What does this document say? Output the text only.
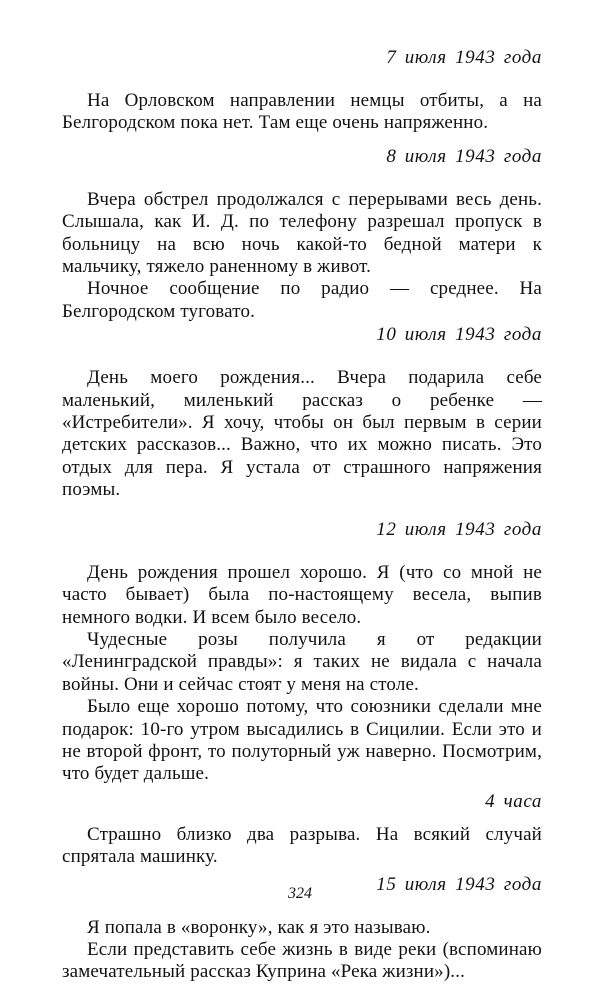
7 июля 1943 года

На Орловском направлении немцы отбиты, а на Белгородском пока нет. Там еще очень напряженно.

8 июля 1943 года

Вчера обстрел продолжался с перерывами весь день. Слышала, как И. Д. по телефону разрешал пропуск в больницу на всю ночь какой-то бедной матери к мальчику, тяжело раненному в живот.

Ночное сообщение по радио — среднее. На Белгородском туговато.

10 июля 1943 года

День моего рождения... Вчера подарила себе маленький, миленький рассказ о ребенке — «Истребители». Я хочу, чтобы он был первым в серии детских рассказов... Важно, что их можно писать. Это отдых для пера. Я устала от страшного напряжения поэмы.

12 июля 1943 года

День рождения прошел хорошо. Я (что со мной не часто бывает) была по-настоящему весела, выпив немного водки. И всем было весело.

Чудесные розы получила я от редакции «Ленинградской правды»: я таких не видала с начала войны. Они и сейчас стоят у меня на столе.

Было еще хорошо потому, что союзники сделали мне подарок: 10-го утром высадились в Сицилии. Если это и не второй фронт, то полуторный уж наверно. Посмотрим, что будет дальше.

4 часа

Страшно близко два разрыва. На всякий случай спрятала машинку.

15 июля 1943 года

Я попала в «воронку», как я это называю.

Если представить себе жизнь в виде реки (вспоминаю замечательный рассказ Куприна «Река жизни»)...

324
